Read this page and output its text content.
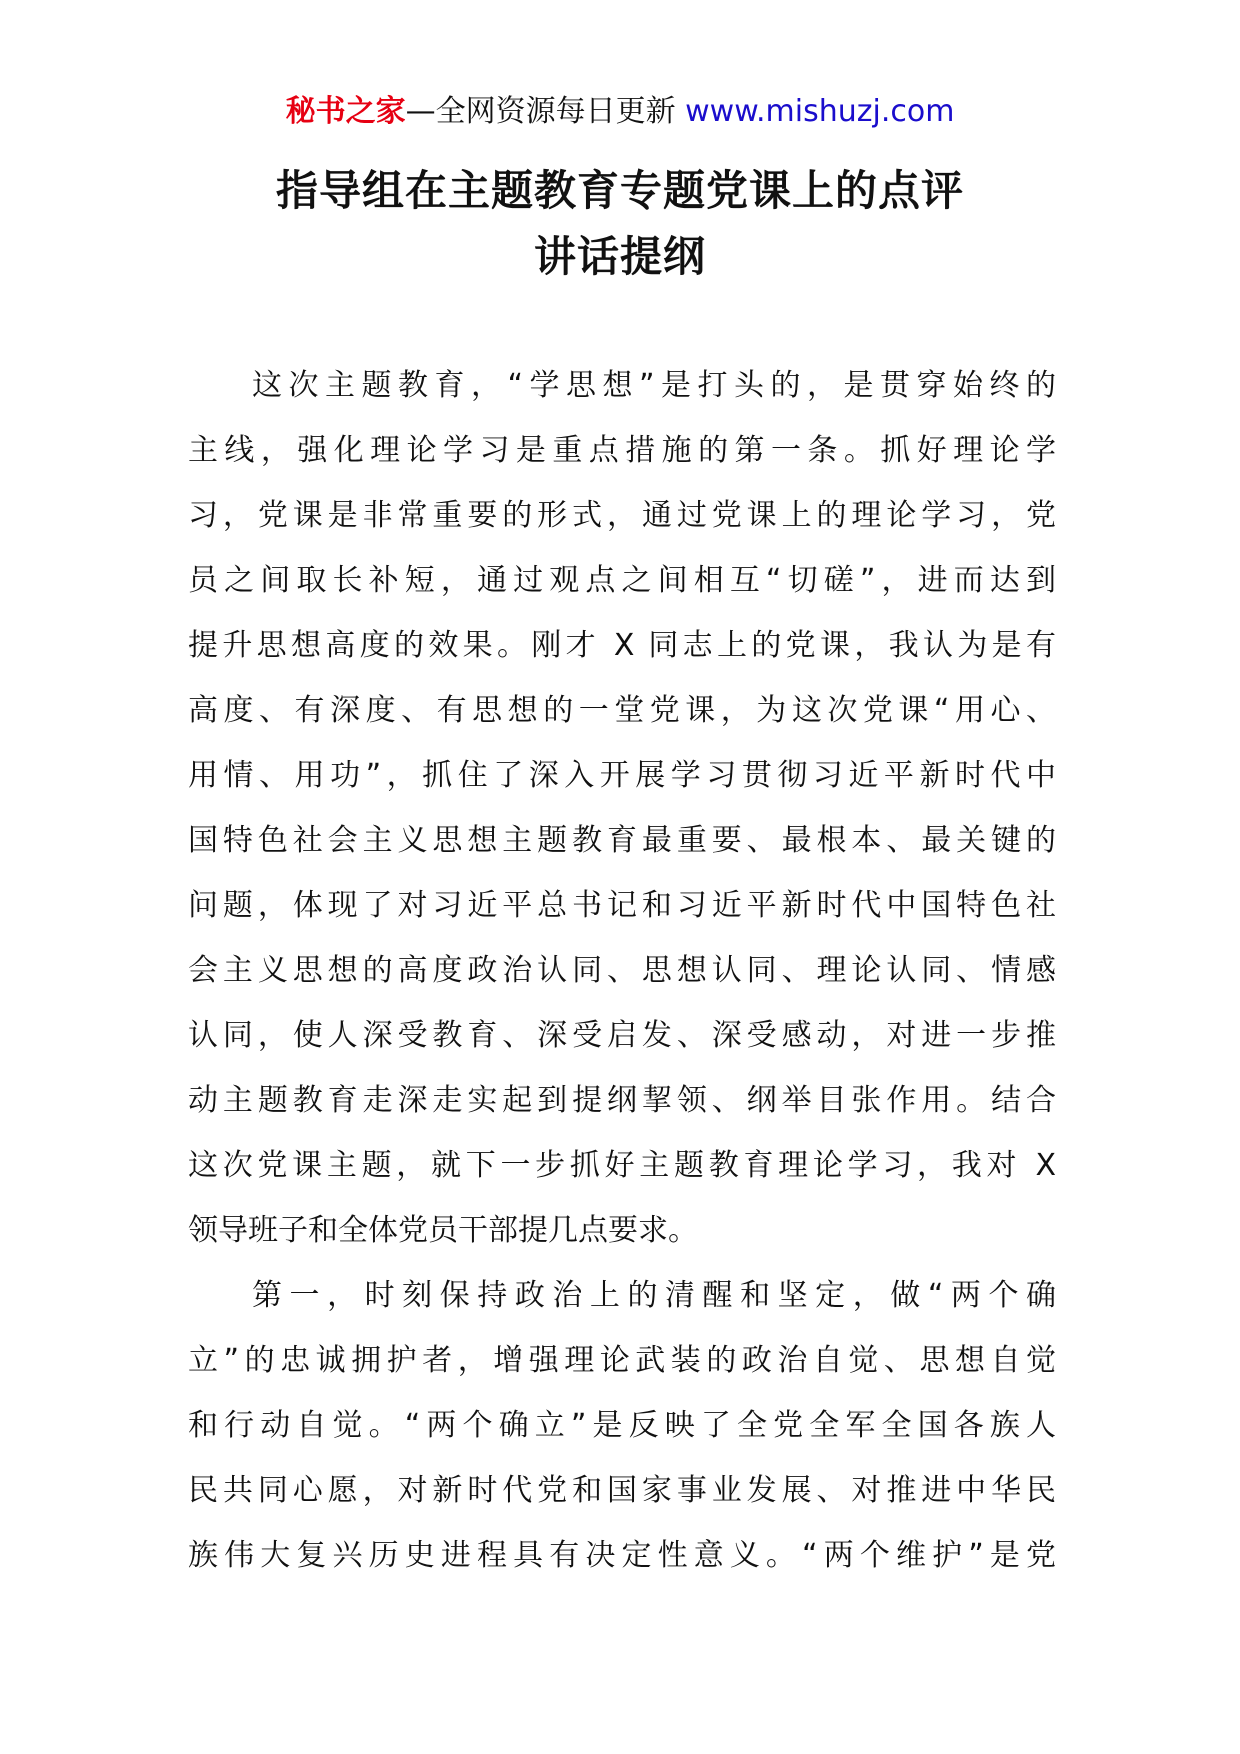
秘书之家—全网资源每日更新 www.mishuzj.com
指导组在主题教育专题党课上的点评
讲话提纲

这次主题教育，“学思想”是打头的，是贯穿始终的
主线，强化理论学习是重点措施的第一条。抓好理论学
习，党课是非常重要的形式，通过党课上的理论学习，党
员之间取长补短，通过观点之间相互“切磋”，进而达到
提升思想高度的效果。刚才 X 同志上的党课，我认为是有
高度、有深度、有思想的一堂党课，为这次党课“用心、
用情、用功”，抓住了深入开展学习贯彻习近平新时代中
国特色社会主义思想主题教育最重要、最根本、最关键的
问题，体现了对习近平总书记和习近平新时代中国特色社
会主义思想的高度政治认同、思想认同、理论认同、情感
认同，使人深受教育、深受启发、深受感动，对进一步推
动主题教育走深走实起到提纲挈领、纲举目张作用。结合
这次党课主题，就下一步抓好主题教育理论学习，我对 X
领导班子和全体党员干部提几点要求。

第一，时刻保持政治上的清醒和坚定，做“两个确
立”的忠诚拥护者，增强理论武装的政治自觉、思想自觉
和行动自觉。“两个确立”是反映了全党全军全国各族人
民共同心愿，对新时代党和国家事业发展、对推进中华民
族伟大复兴历史进程具有决定性意义。“两个维护”是党
